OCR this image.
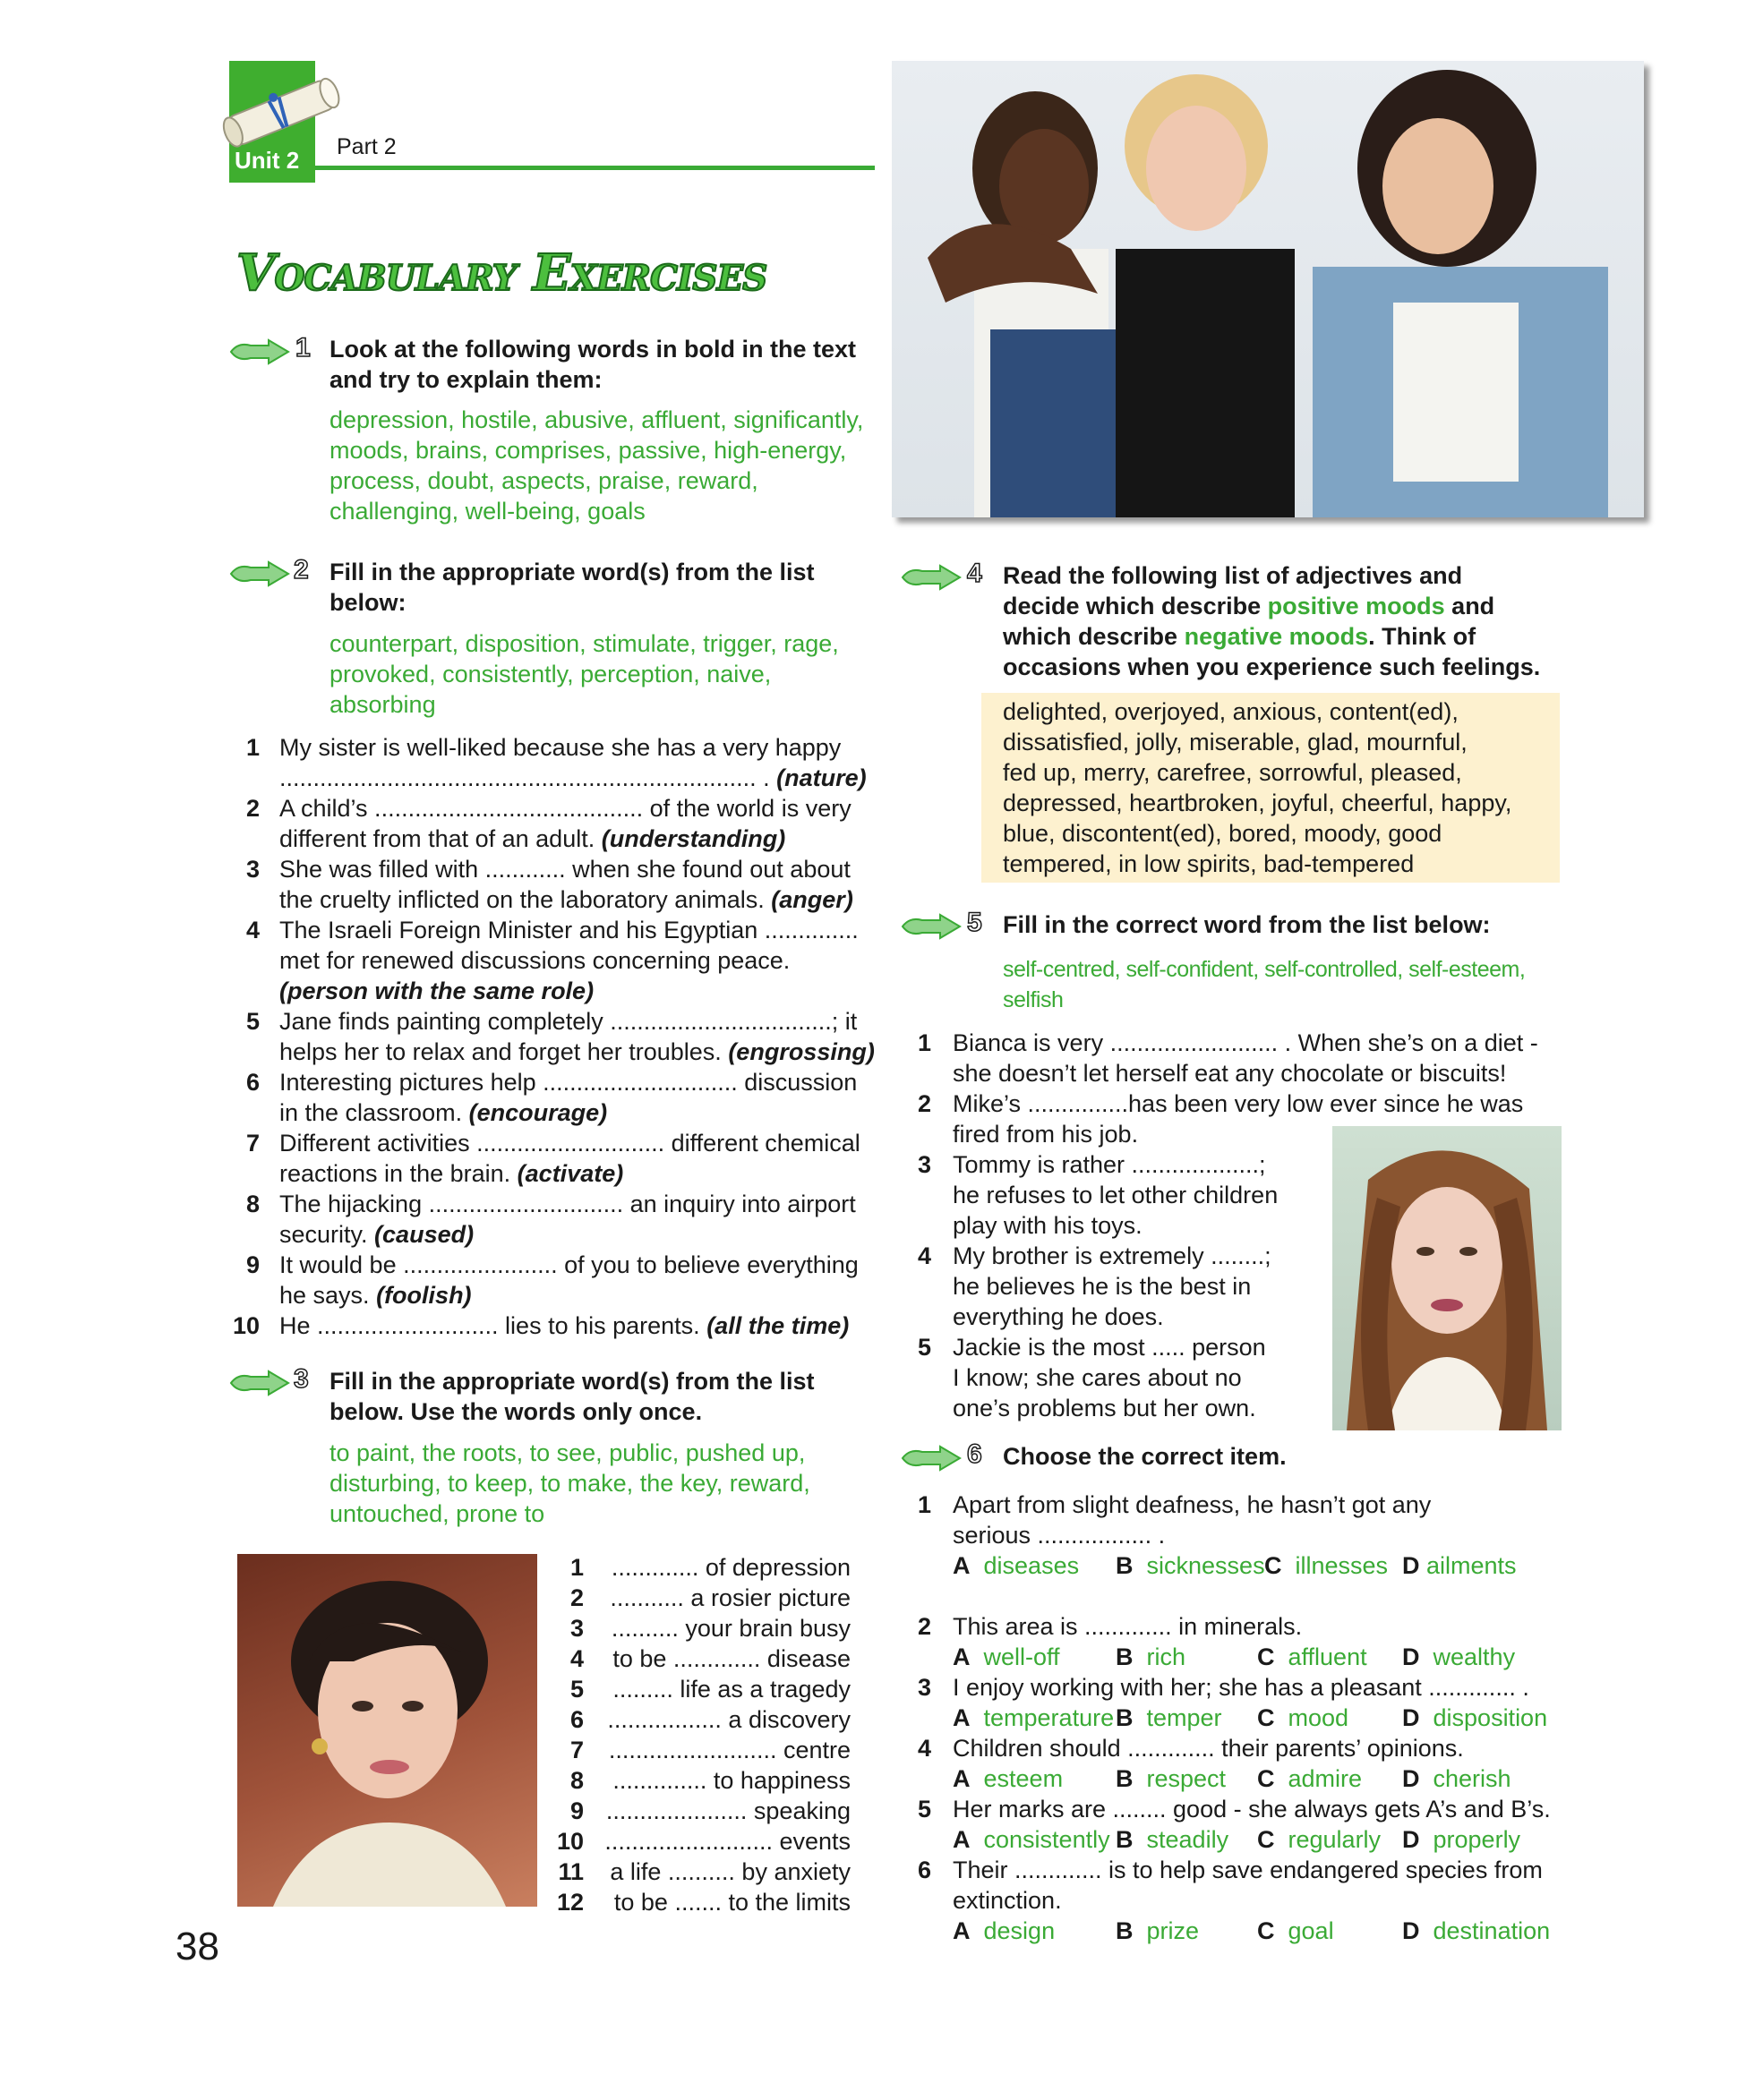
Unit 2 Part 2
Vocabulary Exercises
1 Look at the following words in bold in the text and try to explain them:
depression, hostile, abusive, affluent, significantly,
moods, brains, comprises, passive, high-energy,
process, doubt, aspects, praise, reward,
challenging, well-being, goals
2 Fill in the appropriate word(s) from the list below:
counterpart, disposition, stimulate, trigger, rage,
provoked, consistently, perception, naive,
absorbing
1 My sister is well-liked because she has a very happy
....................................................................... . (nature)
2 A child’s ........................................ of the world is very
different from that of an adult. (understanding)
3 She was filled with ............ when she found out about
the cruelty inflicted on the laboratory animals. (anger)
4 The Israeli Foreign Minister and his Egyptian ..............
met for renewed discussions concerning peace.
(person with the same role)
5 Jane finds painting completely .................................; it
helps her to relax and forget her troubles. (engrossing)
6 Interesting pictures help ............................. discussion
in the classroom. (encourage)
7 Different activities ............................ different chemical
reactions in the brain. (activate)
8 The hijacking ............................. an inquiry into airport
security. (caused)
9 It would be ....................... of you to believe everything
he says. (foolish)
10 He ........................... lies to his parents. (all the time)
3 Fill in the appropriate word(s) from the list below. Use the words only once.
to paint, the roots, to see, public, pushed up,
disturbing, to keep, to make, the key, reward,
untouched, prone to
1 ............. of depression
2 ........... a rosier picture
3 .......... your brain busy
4 to be ............. disease
5 ......... life as a tragedy
6 ................. a discovery
7 ......................... centre
8 .............. to happiness
9 ..................... speaking
10 ......................... events
11 a life .......... by anxiety
12 to be ....... to the limits
38
4 Read the following list of adjectives and
decide which describe positive moods and
which describe negative moods. Think of
occasions when you experience such feelings.
delighted, overjoyed, anxious, content(ed),
dissatisfied, jolly, miserable, glad, mournful,
fed up, merry, carefree, sorrowful, pleased,
depressed, heartbroken, joyful, cheerful, happy,
blue, discontent(ed), bored, moody, good
tempered, in low spirits, bad-tempered
5 Fill in the correct word from the list below:
self-centred, self-confident, self-controlled, self-esteem,
selfish
1 Bianca is very ......................... . When she’s on a diet -
she doesn’t let herself eat any chocolate or biscuits!
2 Mike’s ...............has been very low ever since he was
fired from his job.
3 Tommy is rather ...................;
he refuses to let other children
play with his toys.
4 My brother is extremely ........;
he believes he is the best in
everything he does.
5 Jackie is the most ..... person
I know; she cares about no
one’s problems but her own.
6 Choose the correct item.
1 Apart from slight deafness, he hasn’t got any
serious ................. .
A diseases B sicknesses C illnesses D ailments
2 This area is ............. in minerals.
A well-off B rich	C affluent D wealthy
3 I enjoy working with her; she has a pleasant ............. .
A temperature B temper C mood D disposition
4 Children should ............. their parents’ opinions.
A esteem B respect C admire D cherish
5 Her marks are ........ good - she always gets A’s and B’s.
A consistently B steadily C regularly D properly
6 Their ............. is to help save endangered species from
extinction.
A design	B prize C goal	D destination
